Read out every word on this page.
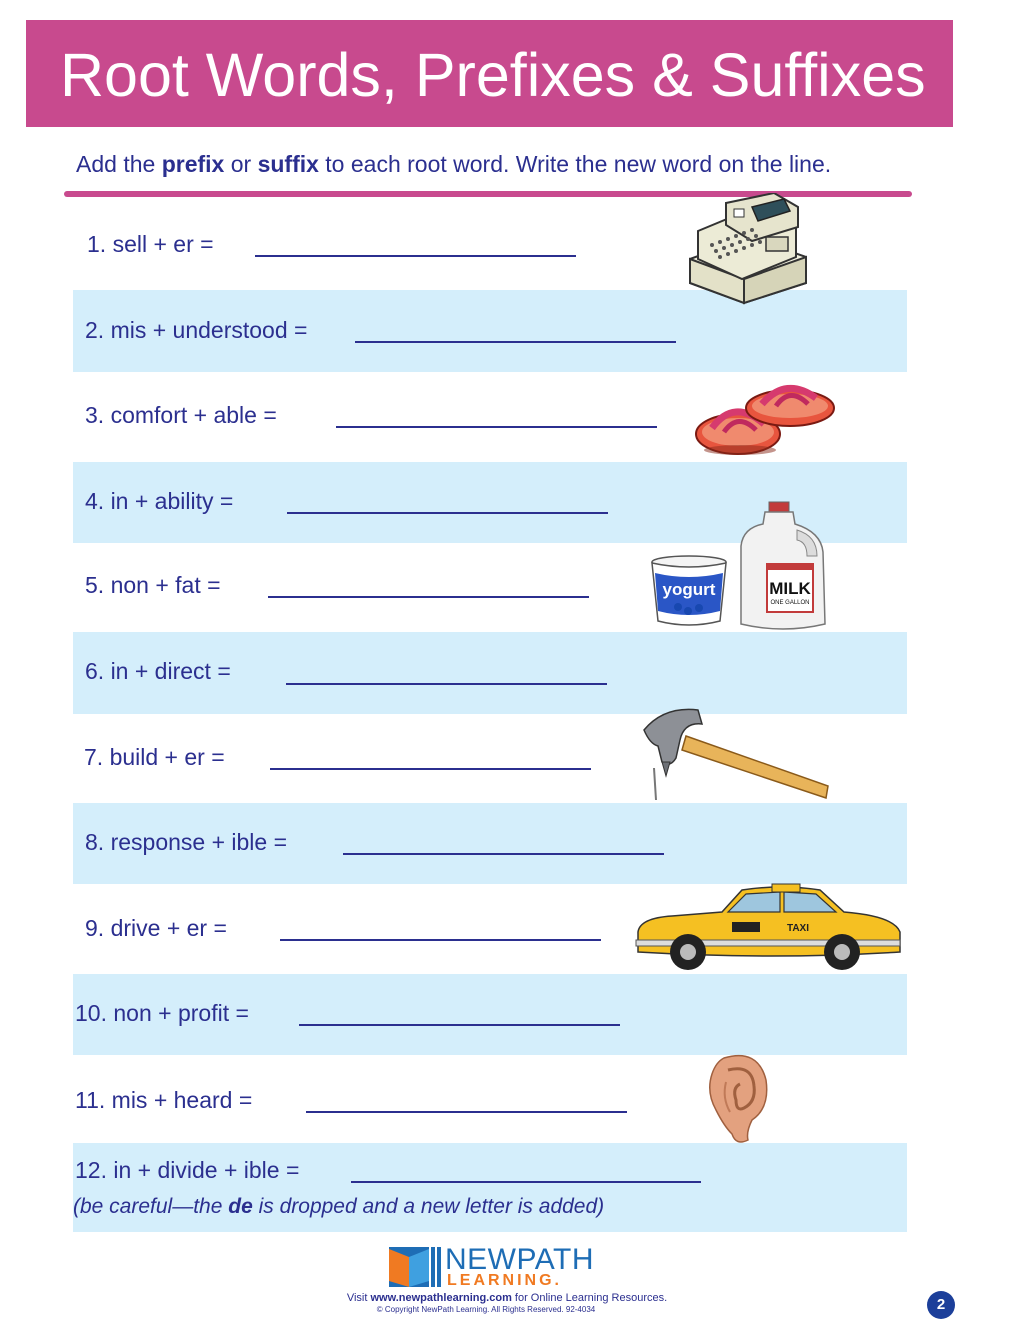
Root Words, Prefixes & Suffixes
Add the prefix or suffix to each root word. Write the new word on the line.
1. sell + er =
2. mis + understood =
3. comfort + able =
4. in + ability =
5. non + fat =
6. in + direct =
7. build + er =
8. response + ible =
9. drive + er =
10. non + profit =
11. mis + heard =
12. in + divide + ible =
(be careful—the de is dropped and a new letter is added)
yogurt	MILK
ONE GALLON
TAXI
NEWPATH
LEARNING.
Visit www.newpathlearning.com for Online Learning Resources.
© Copyright NewPath Learning. All Rights Reserved. 92-4034	2
